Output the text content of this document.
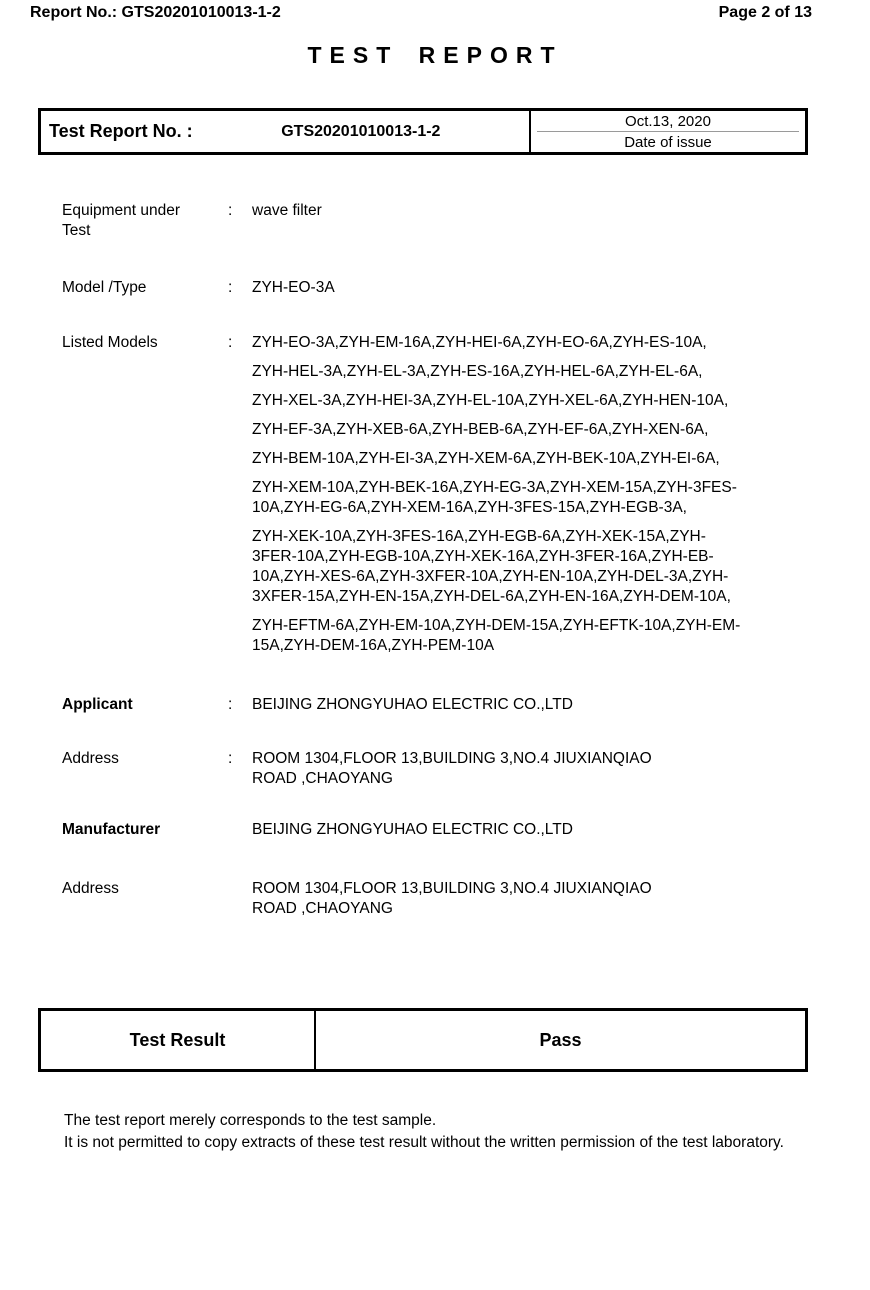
Report No.: GTS20201010013-1-2	Page 2 of 13
TEST REPORT
Test Report No. :	GTS20201010013-1-2
Oct.13, 2020
Date of issue
Equipment under
Test
:	wave filter
Model /Type	:	ZYH-EO-3A
Listed Models	:	ZYH-EO-3A,ZYH-EM-16A,ZYH-HEI-6A,ZYH-EO-6A,ZYH-ES-10A,
ZYH-HEL-3A,ZYH-EL-3A,ZYH-ES-16A,ZYH-HEL-6A,ZYH-EL-6A,
ZYH-XEL-3A,ZYH-HEI-3A,ZYH-EL-10A,ZYH-XEL-6A,ZYH-HEN-10A,
ZYH-EF-3A,ZYH-XEB-6A,ZYH-BEB-6A,ZYH-EF-6A,ZYH-XEN-6A,
ZYH-BEM-10A,ZYH-EI-3A,ZYH-XEM-6A,ZYH-BEK-10A,ZYH-EI-6A,
ZYH-XEM-10A,ZYH-BEK-16A,ZYH-EG-3A,ZYH-XEM-15A,ZYH-3FES-
10A,ZYH-EG-6A,ZYH-XEM-16A,ZYH-3FES-15A,ZYH-EGB-3A,
ZYH-XEK-10A,ZYH-3FES-16A,ZYH-EGB-6A,ZYH-XEK-15A,ZYH-
3FER-10A,ZYH-EGB-10A,ZYH-XEK-16A,ZYH-3FER-16A,ZYH-EB-
10A,ZYH-XES-6A,ZYH-3XFER-10A,ZYH-EN-10A,ZYH-DEL-3A,ZYH-
3XFER-15A,ZYH-EN-15A,ZYH-DEL-6A,ZYH-EN-16A,ZYH-DEM-10A,
ZYH-EFTM-6A,ZYH-EM-10A,ZYH-DEM-15A,ZYH-EFTK-10A,ZYH-EM-
15A,ZYH-DEM-16A,ZYH-PEM-10A
Applicant	:	BEIJING ZHONGYUHAO ELECTRIC CO.,LTD
Address	:	ROOM 1304,FLOOR 13,BUILDING 3,NO.4 JIUXIANQIAO
ROAD ,CHAOYANG
Manufacturer	BEIJING ZHONGYUHAO ELECTRIC CO.,LTD
Address	ROOM 1304,FLOOR 13,BUILDING 3,NO.4 JIUXIANQIAO
ROAD ,CHAOYANG
Test Result	Pass

The test report merely corresponds to the test sample.

It is not permitted to copy extracts of these test result without the written permission of the test laboratory.
